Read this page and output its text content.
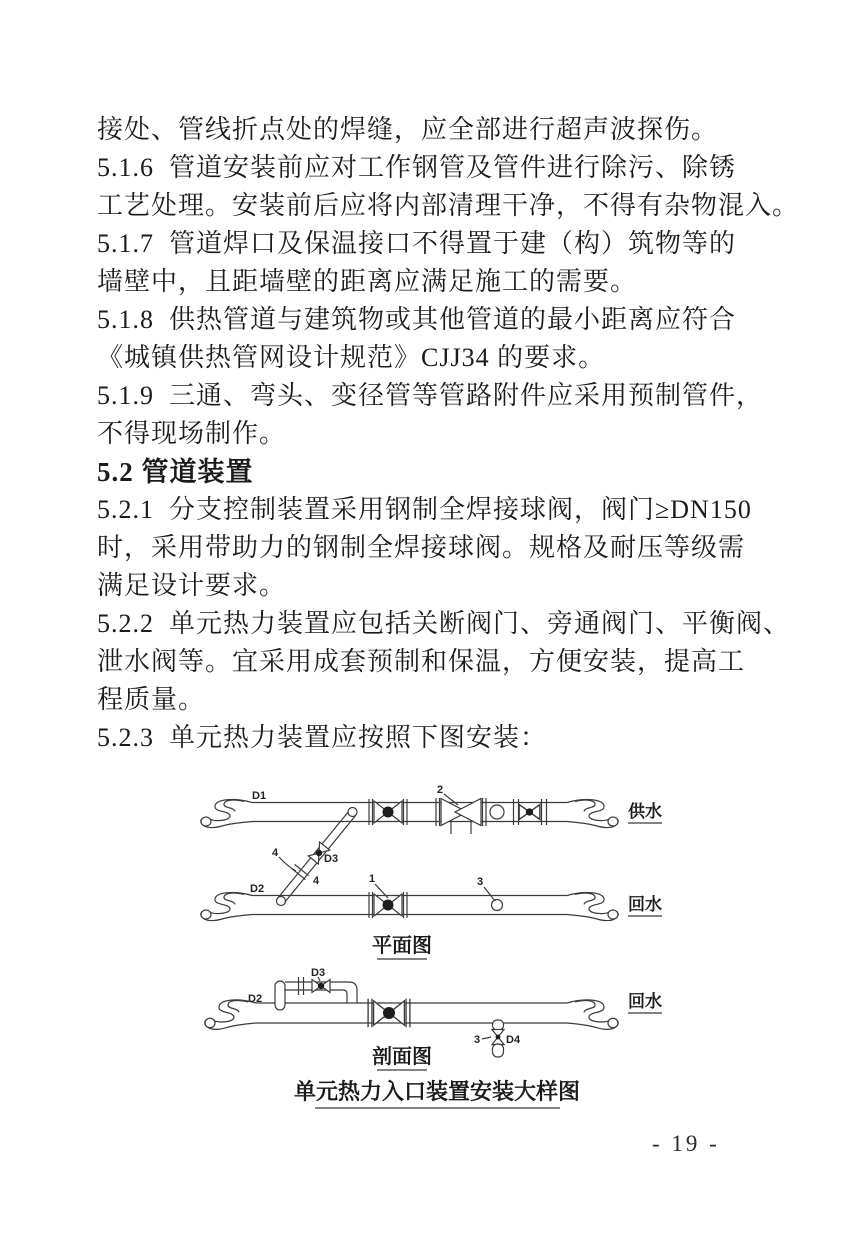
接处、管线折点处的焊缝，应全部进行超声波探伤。
5.1.6  管道安装前应对工作钢管及管件进行除污、除锈
工艺处理。安装前后应将内部清理干净，不得有杂物混入。
5.1.7  管道焊口及保温接口不得置于建（构）筑物等的
墙壁中，且距墙壁的距离应满足施工的需要。
5.1.8  供热管道与建筑物或其他管道的最小距离应符合
《城镇供热管网设计规范》CJJ34 的要求。
5.1.9  三通、弯头、变径管等管路附件应采用预制管件，
不得现场制作。
5.2 管道装置
5.2.1  分支控制装置采用钢制全焊接球阀，阀门≥DN150
时，采用带助力的钢制全焊接球阀。规格及耐压等级需
满足设计要求。
5.2.2  单元热力装置应包括关断阀门、旁通阀门、平衡阀、
泄水阀等。宜采用成套预制和保温，方便安装，提高工
程质量。
5.2.3  单元热力装置应按照下图安装：
D1	2
4	D3
4
D2
1	3
供水
回水
平面图
D3
D2
3 D4
回水
剖面图
单元热力入口装置安装大样图
- 19 -
